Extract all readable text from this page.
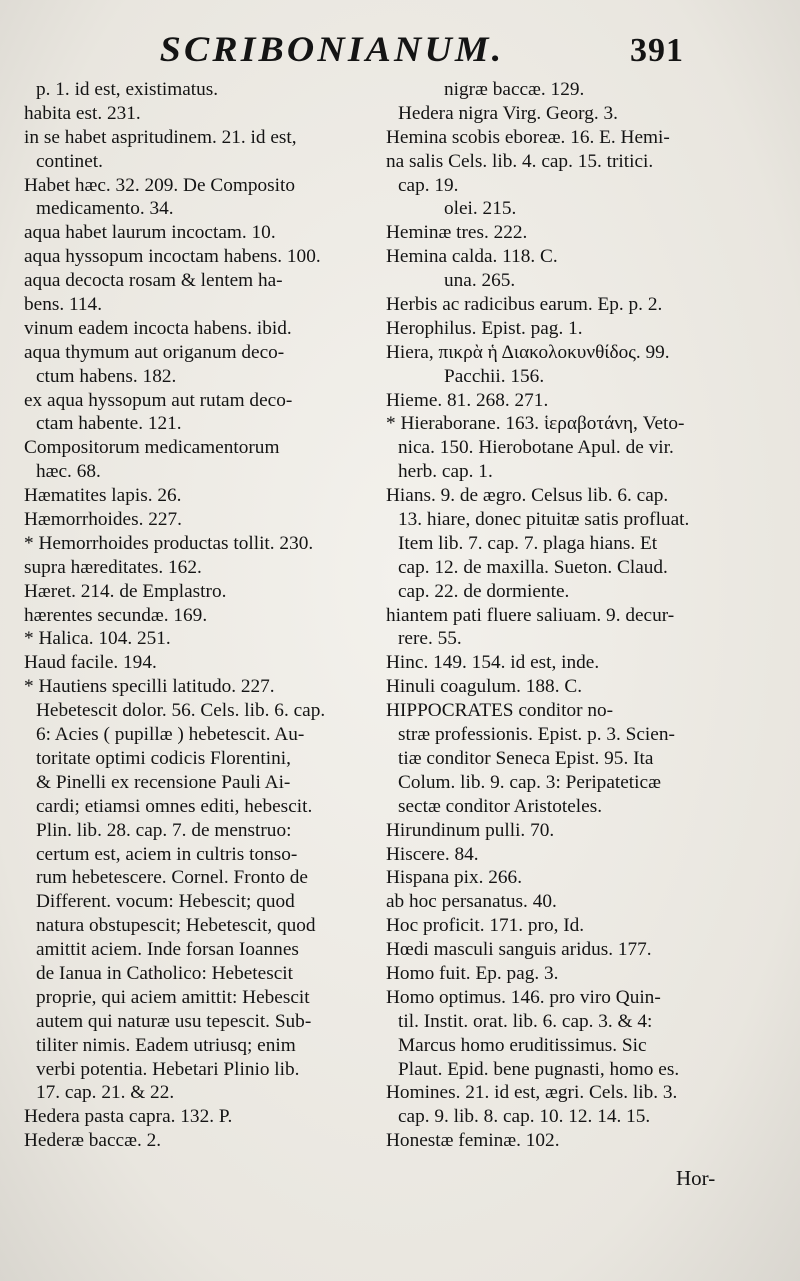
SCRIBONIANUM.	391
p. 1. id est, existimatus.
habita est. 231.
in se habet aspritudinem. 21. id est,
continet.
Habet hæc. 32. 209. De Composito
medicamento. 34.
aqua habet laurum incoctam. 10.
aqua hyssopum incoctam habens. 100.
aqua decocta rosam & lentem ha-
bens. 114.
vinum eadem incocta habens. ibid.
aqua thymum aut origanum deco-
ctum habens. 182.
ex aqua hyssopum aut rutam deco-
ctam habente. 121.
Compositorum medicamentorum
hæc. 68.
Hæmatites lapis. 26.
Hæmorrhoides. 227.
* Hemorrhoides productas tollit. 230.
supra hæreditates. 162.
Hæret. 214. de Emplastro.
hærentes secundæ. 169.
* Halica. 104. 251.
Haud facile. 194.
* Hautiens specilli latitudo. 227.
Hebetescit dolor. 56. Cels. lib. 6. cap.
6: Acies ( pupillæ ) hebetescit. Au-
toritate optimi codicis Florentini,
& Pinelli ex recensione Pauli Ai-
cardi; etiamsi omnes editi, hebescit.
Plin. lib. 28. cap. 7. de menstruo:
certum est, aciem in cultris tonso-
rum hebetescere. Cornel. Fronto de
Different. vocum: Hebescit; quod
natura obstupescit; Hebetescit, quod
amittit aciem. Inde forsan Ioannes
de Ianua in Catholico: Hebetescit
proprie, qui aciem amittit: Hebescit
autem qui naturæ usu tepescit. Sub-
tiliter nimis. Eadem utriusq; enim
verbi potentia. Hebetari Plinio lib.
17. cap. 21. & 22.
Hedera pasta capra. 132. P.
Hederæ baccæ. 2.
nigræ baccæ. 129.
Hedera nigra Virg. Georg. 3.
Hemina scobis eboreæ. 16. E. Hemi-
na salis Cels. lib. 4. cap. 15. tritici.
cap. 19.
olei. 215.
Heminæ tres. 222.
Hemina calda. 118. C.
una. 265.
Herbis ac radicibus earum. Ep. p. 2.
Herophilus. Epist. pag. 1.
Hiera, πικρὰ ἡ Διακολοκυνθίδος. 99.
Pacchii. 156.
Hieme. 81. 268. 271.
* Hieraborane. 163. ἱεραβοτάνη, Veto-
nica. 150. Hierobotane Apul. de vir.
herb. cap. 1.
Hians. 9. de ægro. Celsus lib. 6. cap.
13. hiare, donec pituitæ satis profluat.
Item lib. 7. cap. 7. plaga hians. Et
cap. 12. de maxilla. Sueton. Claud.
cap. 22. de dormiente.
hiantem pati fluere saliuam. 9. decur-
rere. 55.
Hinc. 149. 154. id est, inde.
Hinuli coagulum. 188. C.
HIPPOCRATES conditor no-
stræ professionis. Epist. p. 3. Scien-
tiæ conditor Seneca Epist. 95. Ita
Colum. lib. 9. cap. 3: Peripateticæ
sectæ conditor Aristoteles.
Hirundinum pulli. 70.
Hiscere. 84.
Hispana pix. 266.
ab hoc persanatus. 40.
Hoc proficit. 171. pro, Id.
Hœdi masculi sanguis aridus. 177.
Homo fuit. Ep. pag. 3.
Homo optimus. 146. pro viro Quin-
til. Instit. orat. lib. 6. cap. 3. & 4:
Marcus homo eruditissimus. Sic
Plaut. Epid. bene pugnasti, homo es.
Homines. 21. id est, ægri. Cels. lib. 3.
cap. 9. lib. 8. cap. 10. 12. 14. 15.
Honestæ feminæ. 102.
Hor-
